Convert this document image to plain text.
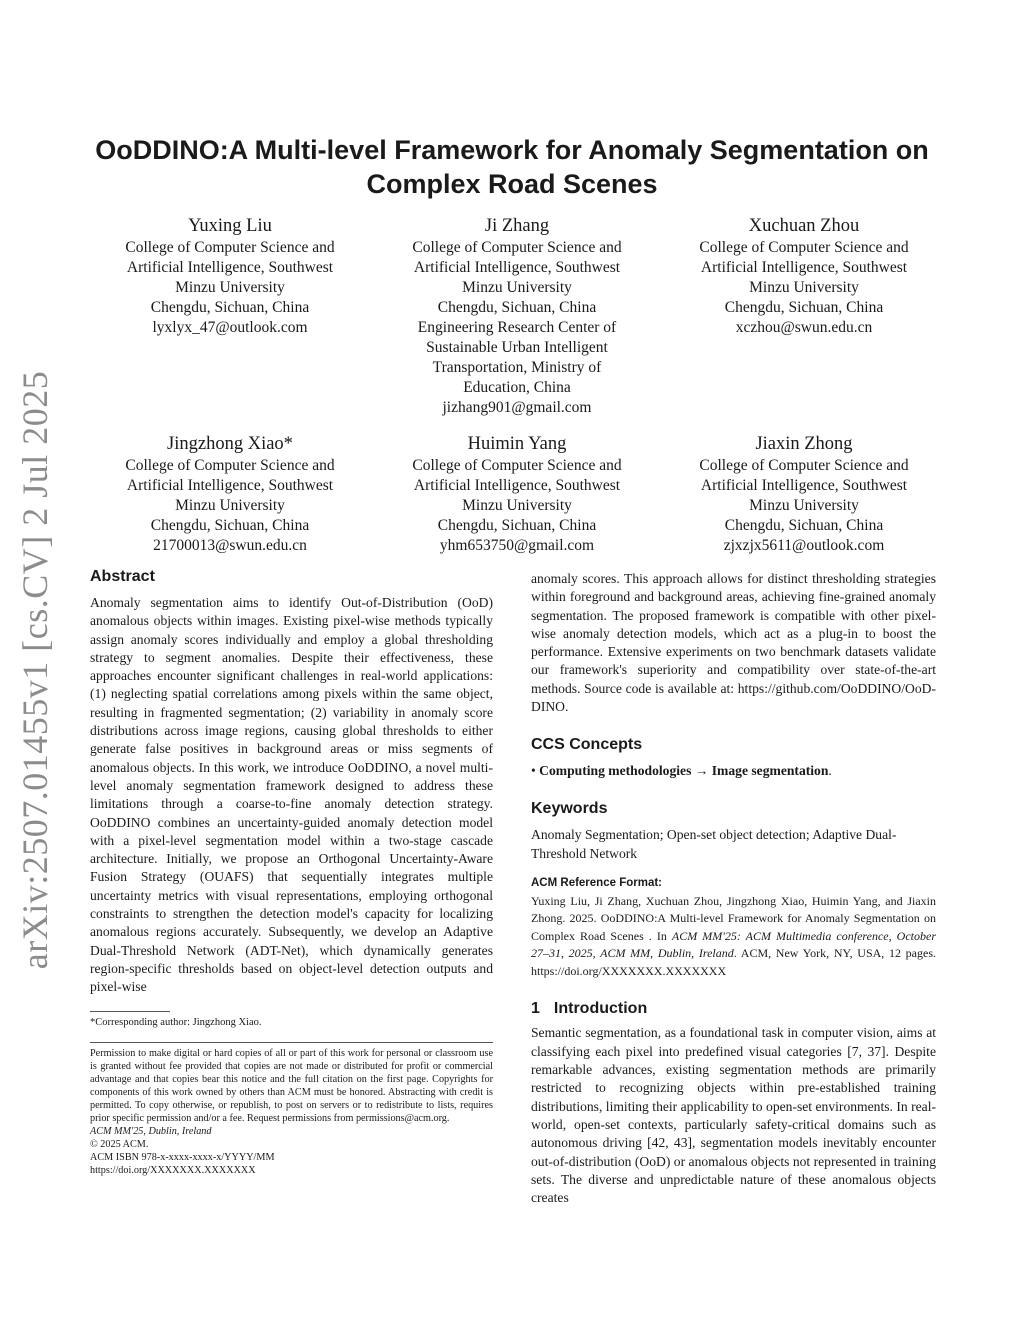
arXiv:2507.01455v1 [cs.CV] 2 Jul 2025
OoDDINO:A Multi-level Framework for Anomaly Segmentation on Complex Road Scenes
Yuxing Liu
College of Computer Science and
Artificial Intelligence, Southwest
Minzu University
Chengdu, Sichuan, China
lyxlyx_47@outlook.com
Ji Zhang
College of Computer Science and
Artificial Intelligence, Southwest
Minzu University
Chengdu, Sichuan, China
Engineering Research Center of
Sustainable Urban Intelligent
Transportation, Ministry of
Education, China
jizhang901@gmail.com
Xuchuan Zhou
College of Computer Science and
Artificial Intelligence, Southwest
Minzu University
Chengdu, Sichuan, China
xczhou@swun.edu.cn
Jingzhong Xiao*
College of Computer Science and
Artificial Intelligence, Southwest
Minzu University
Chengdu, Sichuan, China
21700013@swun.edu.cn
Huimin Yang
College of Computer Science and
Artificial Intelligence, Southwest
Minzu University
Chengdu, Sichuan, China
yhm653750@gmail.com
Jiaxin Zhong
College of Computer Science and
Artificial Intelligence, Southwest
Minzu University
Chengdu, Sichuan, China
zjxzjx5611@outlook.com
Abstract

Anomaly segmentation aims to identify Out-of-Distribution (OoD) anomalous objects within images. Existing pixel-wise methods typically assign anomaly scores individually and employ a global thresholding strategy to segment anomalies. Despite their effectiveness, these approaches encounter significant challenges in real-world applications: (1) neglecting spatial correlations among pixels within the same object, resulting in fragmented segmentation; (2) variability in anomaly score distributions across image regions, causing global thresholds to either generate false positives in background areas or miss segments of anomalous objects. In this work, we introduce OoDDINO, a novel multi-level anomaly segmentation framework designed to address these limitations through a coarse-to-fine anomaly detection strategy. OoDDINO combines an uncertainty-guided anomaly detection model with a pixel-level segmentation model within a two-stage cascade architecture. Initially, we propose an Orthogonal Uncertainty-Aware Fusion Strategy (OUAFS) that sequentially integrates multiple uncertainty metrics with visual representations, employing orthogonal constraints to strengthen the detection model's capacity for localizing anomalous regions accurately. Subsequently, we develop an Adaptive Dual-Threshold Network (ADT-Net), which dynamically generates region-specific thresholds based on object-level detection outputs and pixel-wise

*Corresponding author: Jingzhong Xiao.

Permission to make digital or hard copies of all or part of this work for personal or classroom use is granted without fee provided that copies are not made or distributed for profit or commercial advantage and that copies bear this notice and the full citation on the first page. Copyrights for components of this work owned by others than ACM must be honored. Abstracting with credit is permitted. To copy otherwise, or republish, to post on servers or to redistribute to lists, requires prior specific permission and/or a fee. Request permissions from permissions@acm.org.

ACM MM'25, Dublin, Ireland

© 2025 ACM.

ACM ISBN 978-x-xxxx-xxxx-x/YYYY/MM

https://doi.org/XXXXXXX.XXXXXXX

anomaly scores. This approach allows for distinct thresholding strategies within foreground and background areas, achieving fine-grained anomaly segmentation. The proposed framework is compatible with other pixel-wise anomaly detection models, which act as a plug-in to boost the performance. Extensive experiments on two benchmark datasets validate our framework's superiority and compatibility over state-of-the-art methods. Source code is available at: https://github.com/OoDDINO/OoD-DINO.

CCS Concepts

• Computing methodologies → Image segmentation.

Keywords

Anomaly Segmentation; Open-set object detection; Adaptive Dual-Threshold Network

ACM Reference Format:

Yuxing Liu, Ji Zhang, Xuchuan Zhou, Jingzhong Xiao, Huimin Yang, and Jiaxin Zhong. 2025. OoDDINO:A Multi-level Framework for Anomaly Segmentation on Complex Road Scenes . In ACM MM'25: ACM Multimedia conference, October 27–31, 2025, ACM MM, Dublin, Ireland. ACM, New York, NY, USA, 12 pages. https://doi.org/XXXXXXX.XXXXXXX

1 Introduction

Semantic segmentation, as a foundational task in computer vision, aims at classifying each pixel into predefined visual categories [7, 37]. Despite remarkable advances, existing segmentation methods are primarily restricted to recognizing objects within pre-established training distributions, limiting their applicability to open-set environments. In real-world, open-set contexts, particularly safety-critical domains such as autonomous driving [42, 43], segmentation models inevitably encounter out-of-distribution (OoD) or anomalous objects not represented in training sets. The diverse and unpredictable nature of these anomalous objects creates
